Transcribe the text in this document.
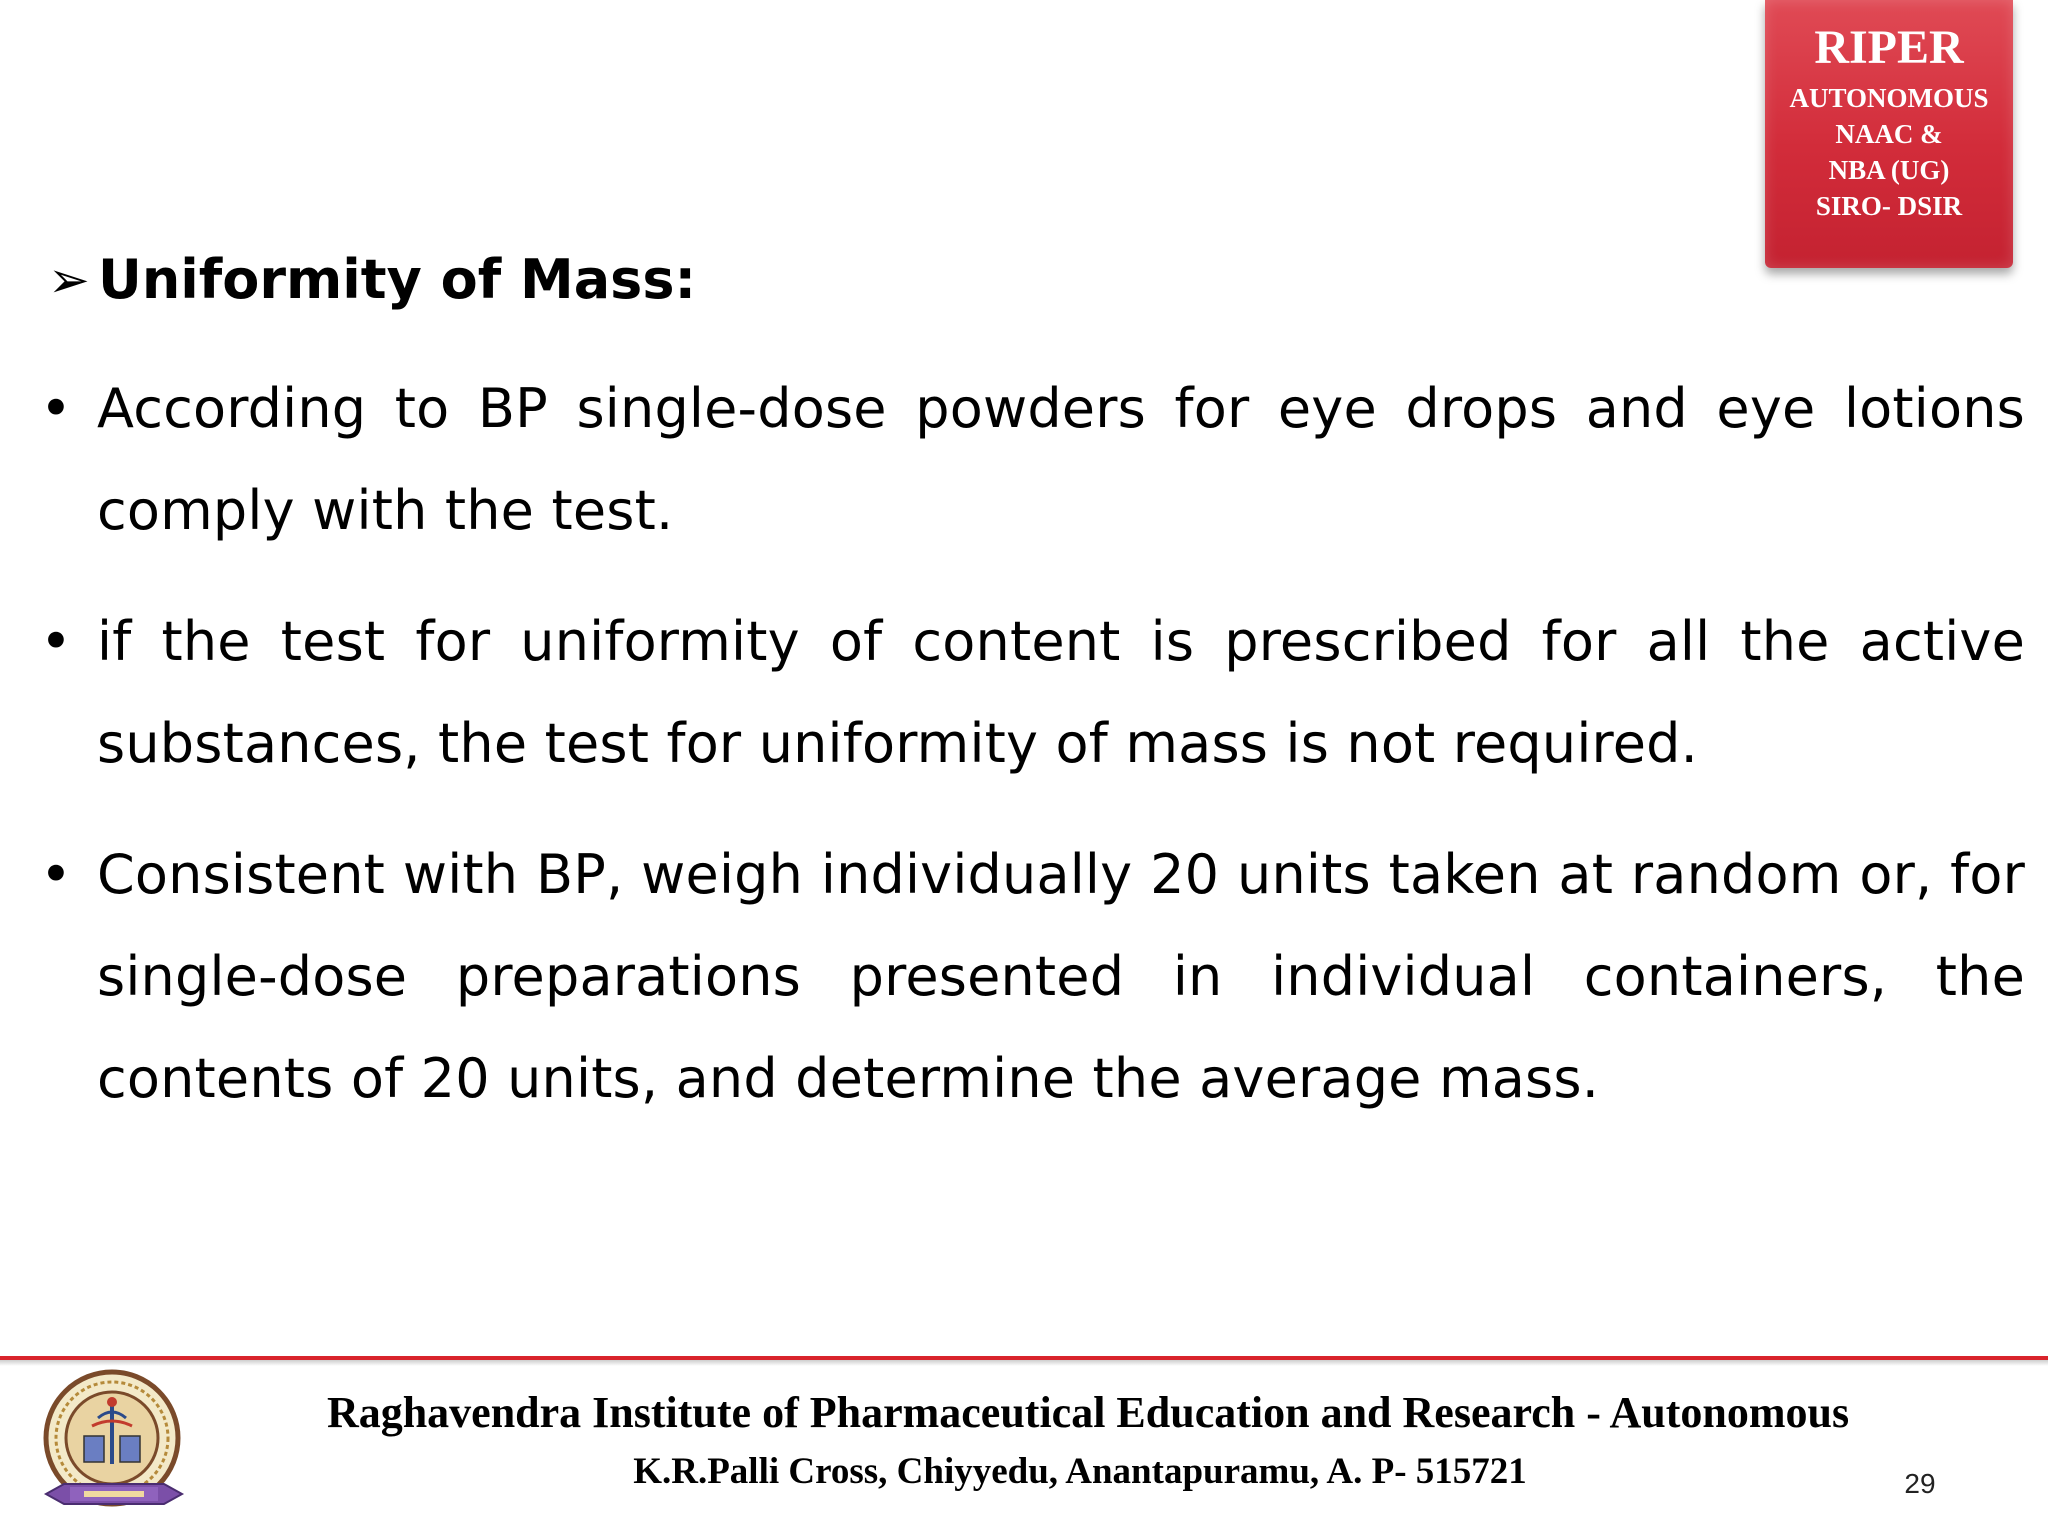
RIPER
AUTONOMOUS
NAAC &
NBA (UG)
SIRO- DSIR
➢ Uniformity of Mass:
• According to BP single-dose powders for eye drops and eye lotions comply with the test.
• if the test for uniformity of content is prescribed for all the active substances, the test for uniformity of mass is not required.
• Consistent with BP, weigh individually 20 units taken at random or, for single-dose preparations presented in individual containers, the contents of 20 units, and determine the average mass.
Raghavendra Institute of Pharmaceutical Education and Research - Autonomous
K.R.Palli Cross, Chiyyedu, Anantapuramu, A. P- 515721	29
